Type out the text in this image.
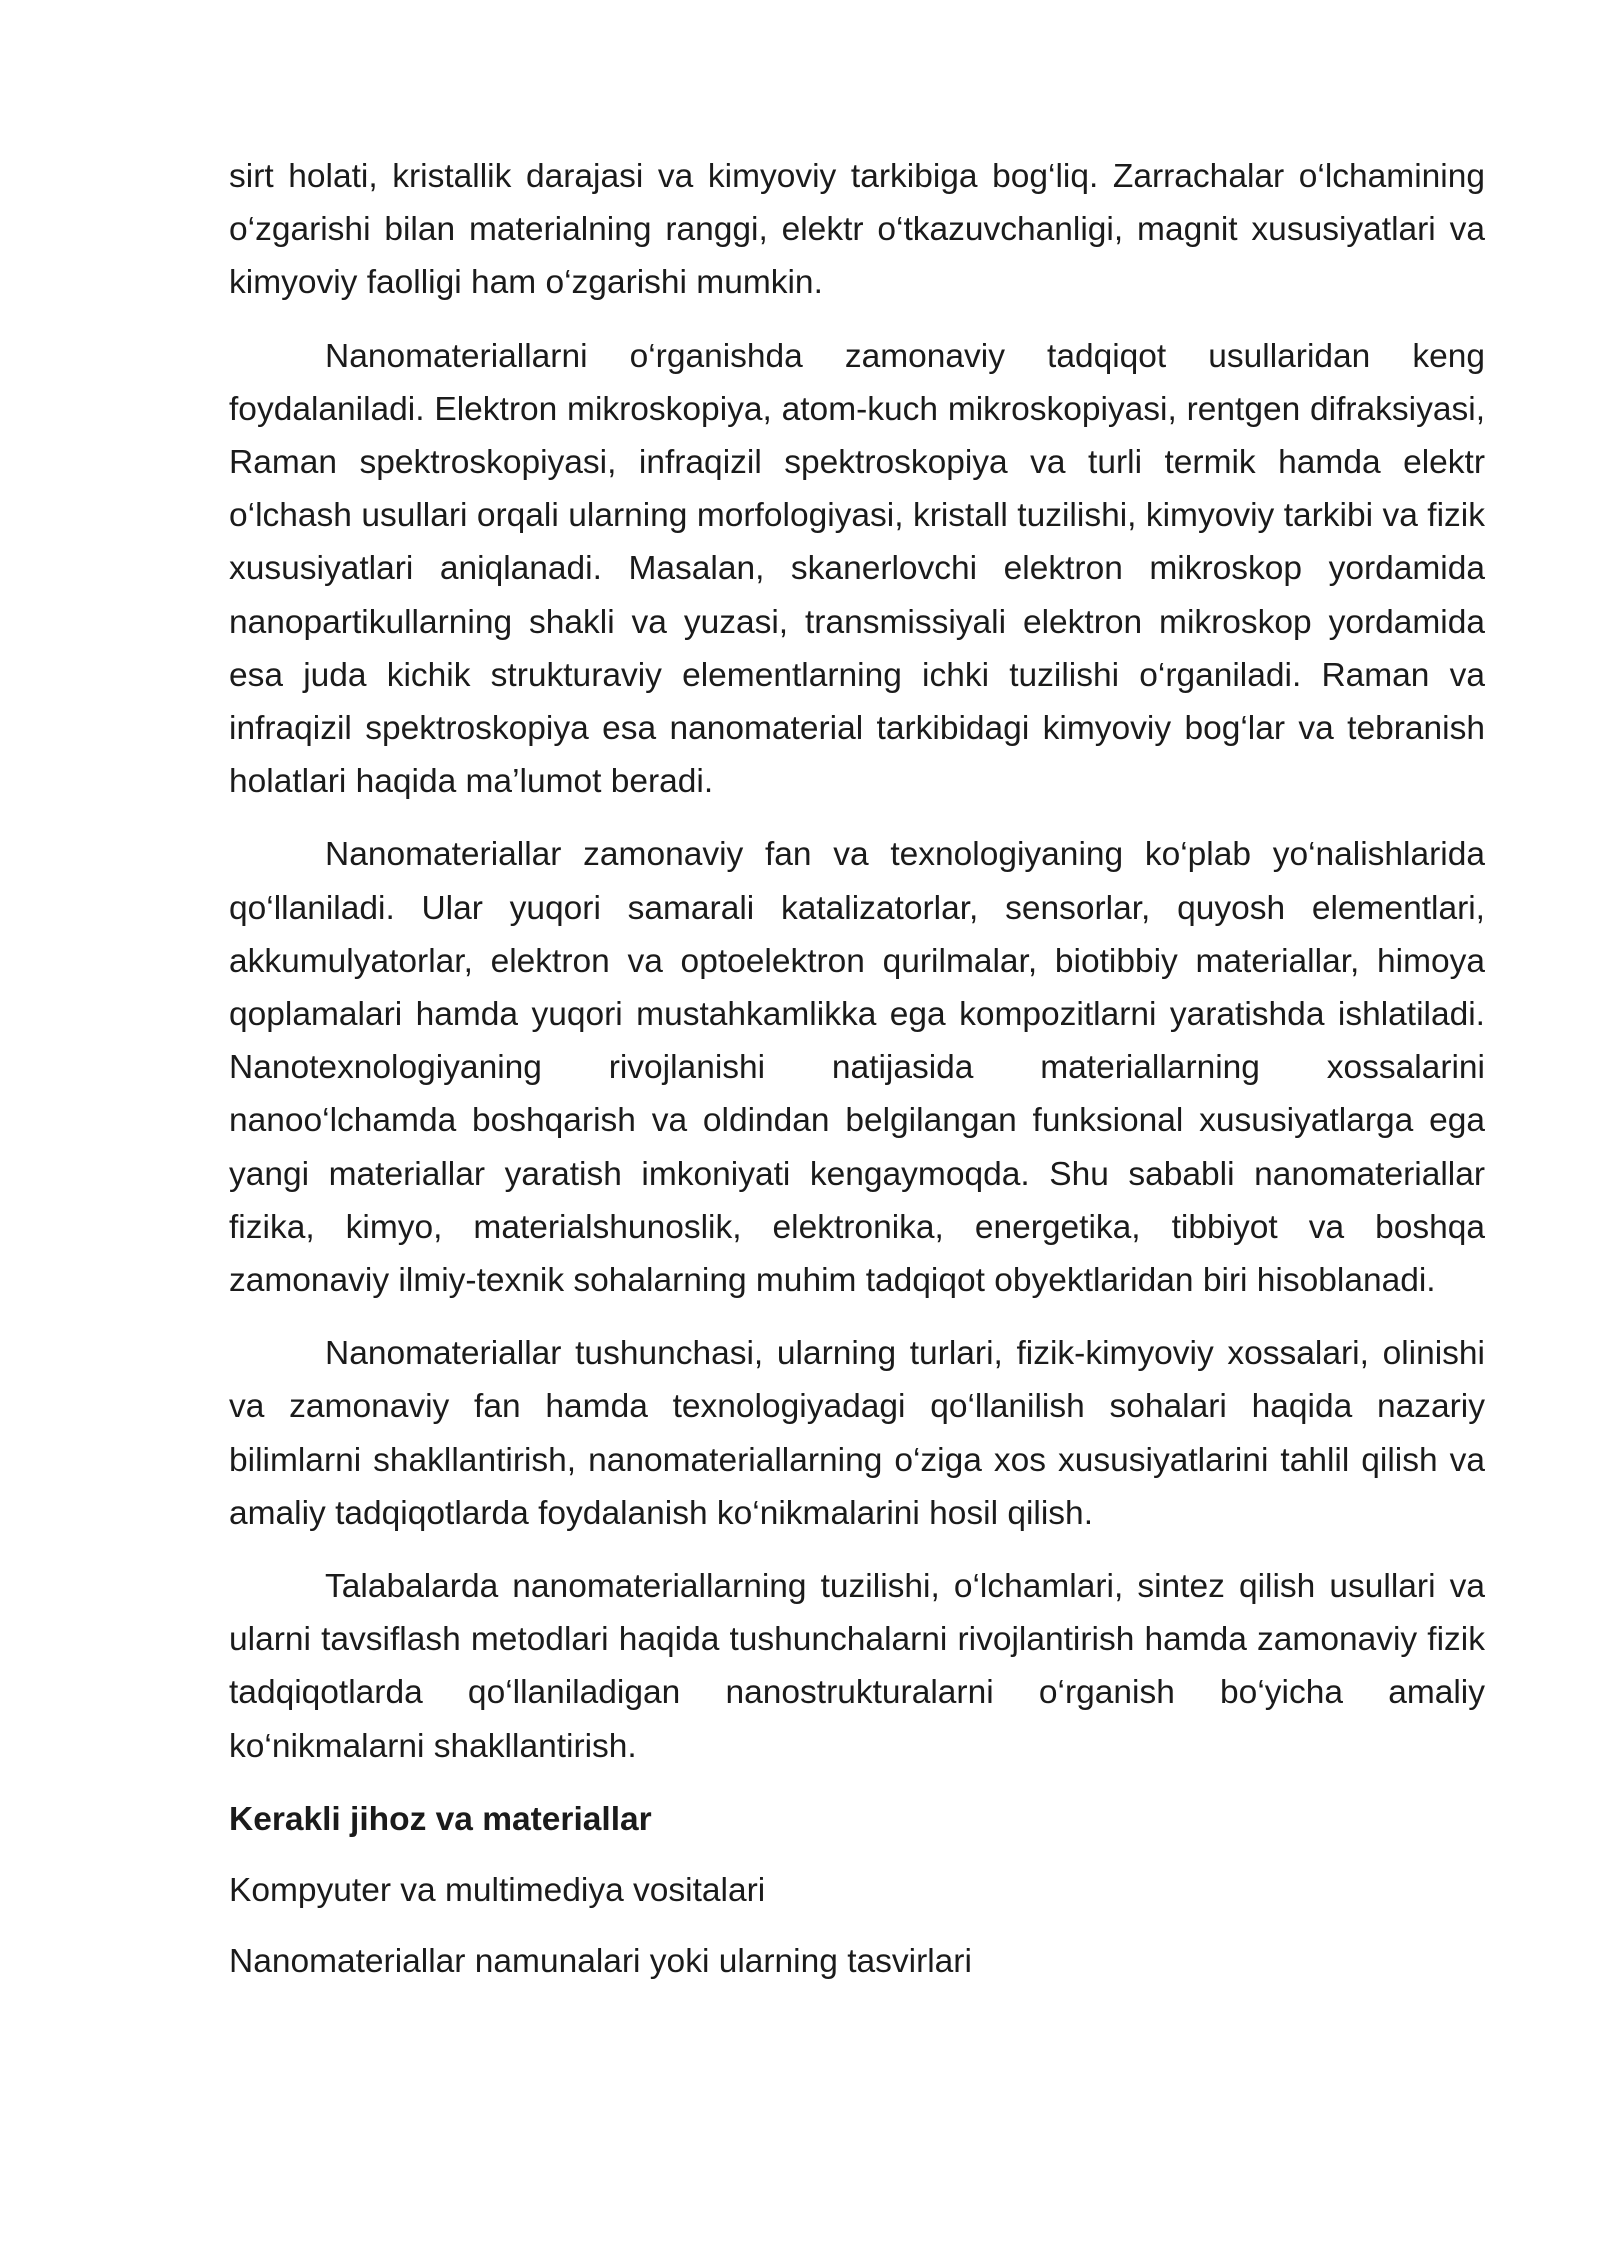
sirt holati, kristallik darajasi va kimyoviy tarkibiga bog‘liq. Zarrachalar o‘lchamining o‘zgarishi bilan materialning ranggi, elektr o‘tkazuvchanligi, magnit xususiyatlari va kimyoviy faolligi ham o‘zgarishi mumkin.

Nanomateriallarni o‘rganishda zamonaviy tadqiqot usullaridan keng foydalaniladi. Elektron mikroskopiya, atom-kuch mikroskopiyasi, rentgen difraksiyasi, Raman spektroskopiyasi, infraqizil spektroskopiya va turli termik hamda elektr o‘lchash usullari orqali ularning morfologiyasi, kristall tuzilishi, kimyoviy tarkibi va fizik xususiyatlari aniqlanadi. Masalan, skanerlovchi elektron mikroskop yordamida nanopartikullarning shakli va yuzasi, transmissiyali elektron mikroskop yordamida esa juda kichik strukturaviy elementlarning ichki tuzilishi o‘rganiladi. Raman va infraqizil spektroskopiya esa nanomaterial tarkibidagi kimyoviy bog‘lar va tebranish holatlari haqida ma’lumot beradi.

Nanomateriallar zamonaviy fan va texnologiyaning ko‘plab yo‘nalishlarida qo‘llaniladi. Ular yuqori samarali katalizatorlar, sensorlar, quyosh elementlari, akkumulyatorlar, elektron va optoelektron qurilmalar, biotibbiy materiallar, himoya qoplamalari hamda yuqori mustahkamlikka ega kompozitlarni yaratishda ishlatiladi. Nanotexnologiyaning rivojlanishi natijasida materiallarning xossalarini nanoo‘lchamda boshqarish va oldindan belgilangan funksional xususiyatlarga ega yangi materiallar yaratish imkoniyati kengaymoqda. Shu sababli nanomateriallar fizika, kimyo, materialshunoslik, elektronika, energetika, tibbiyot va boshqa zamonaviy ilmiy-texnik sohalarning muhim tadqiqot obyektlaridan biri hisoblanadi.

Nanomateriallar tushunchasi, ularning turlari, fizik-kimyoviy xossalari, olinishi va zamonaviy fan hamda texnologiyadagi qo‘llanilish sohalari haqida nazariy bilimlarni shakllantirish, nanomateriallarning o‘ziga xos xususiyatlarini tahlil qilish va amaliy tadqiqotlarda foydalanish ko‘nikmalarini hosil qilish.

Talabalarda nanomateriallarning tuzilishi, o‘lchamlari, sintez qilish usullari va ularni tavsiflash metodlari haqida tushunchalarni rivojlantirish hamda zamonaviy fizik tadqiqotlarda qo‘llaniladigan nanostrukturalarni o‘rganish bo‘yicha amaliy ko‘nikmalarni shakllantirish.

Kerakli jihoz va materiallar

Kompyuter va multimediya vositalari

Nanomateriallar namunalari yoki ularning tasvirlari
